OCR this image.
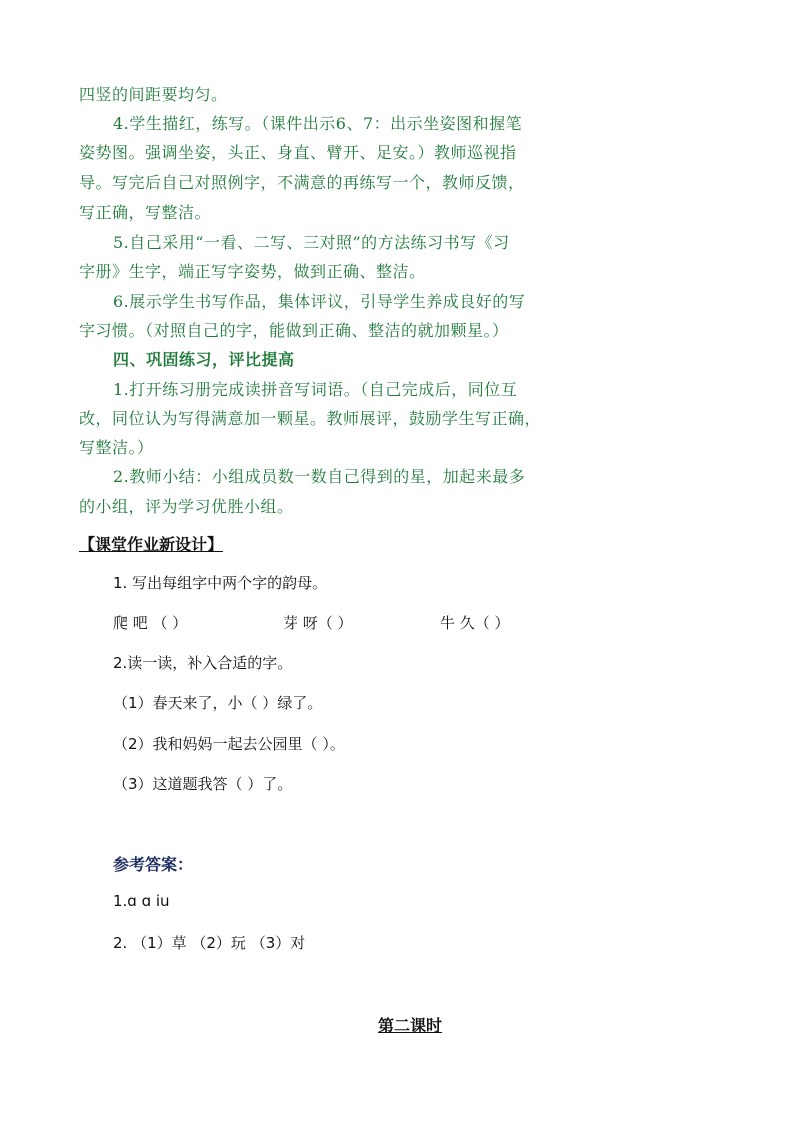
四竖的间距要均匀。
4.学生描红，练写。（课件出示6、7：出示坐姿图和握笔
姿势图。强调坐姿，头正、身直、臂开、足安。）教师巡视指
导。写完后自己对照例字，不满意的再练写一个，教师反馈，
写正确，写整洁。
5.自己采用“一看、二写、三对照”的方法练习书写《习
字册》生字，端正写字姿势，做到正确、整洁。
6.展示学生书写作品，集体评议，引导学生养成良好的写
字习惯。（对照自己的字，能做到正确、整洁的就加颗星。）
四、巩固练习，评比提高
1.打开练习册完成读拼音写词语。（自己完成后，同位互
改，同位认为写得满意加一颗星。教师展评，鼓励学生写正确，
写整洁。）
2.教师小结：小组成员数一数自己得到的星，加起来最多
的小组，评为学习优胜小组。
【课堂作业新设计】
1. 写出每组字中两个字的韵母。
爬 吧 （ ）	芽 呀（ ）	牛 久（ ）
2.读一读，补入合适的字。
（1）春天来了，小（ ）绿了。
（2）我和妈妈一起去公园里（ ）。
（3）这道题我答（ ）了。
参考答案：
1.ɑ ɑ iu
2. （1）草 （2）玩 （3）对
第二课时
